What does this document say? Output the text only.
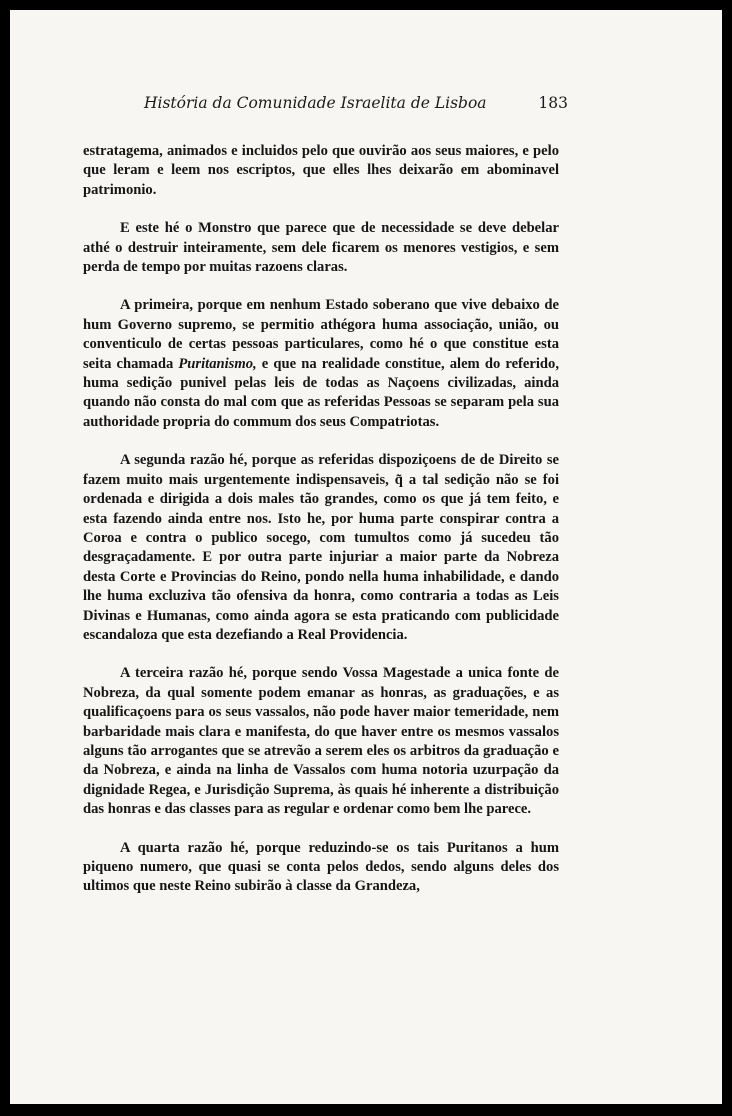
História da Comunidade Israelita de Lisboa	183

estratagema, animados e incluidos pelo que ouvirão aos seus maiores, e pelo que leram e leem nos escriptos, que elles lhes deixarão em abominavel patrimonio.

E este hé o Monstro que parece que de necessidade se deve debelar athé o destruir inteiramente, sem dele ficarem os menores vestigios, e sem perda de tempo por muitas razoens claras.

A primeira, porque em nenhum Estado soberano que vive debaixo de hum Governo supremo, se permitio athégora huma associação, união, ou conventiculo de certas pessoas particulares, como hé o que constitue esta seita chamada Puritanismo, e que na realidade constitue, alem do referido, huma sedição punivel pelas leis de todas as Naçoens civilizadas, ainda quando não consta do mal com que as referidas Pessoas se separam pela sua authoridade propria do commum dos seus Compatriotas.

A segunda razão hé, porque as referidas dispoziçoens de de Direito se fazem muito mais urgentemente indispensaveis, q̃ a tal sedição não se foi ordenada e dirigida a dois males tão grandes, como os que já tem feito, e esta fazendo ainda entre nos. Isto he, por huma parte conspirar contra a Coroa e contra o publico socego, com tumultos como já sucedeu tão desgraçadamente. E por outra parte injuriar a maior parte da Nobreza desta Corte e Provincias do Reino, pondo nella huma inhabilidade, e dando lhe huma excluziva tão ofensiva da honra, como contraria a todas as Leis Divinas e Humanas, como ainda agora se esta praticando com publicidade escandaloza que esta dezefiando a Real Providencia.

A terceira razão hé, porque sendo Vossa Magestade a unica fonte de Nobreza, da qual somente podem emanar as honras, as graduações, e as qualificaçoens para os seus vassalos, não pode haver maior temeridade, nem barbaridade mais clara e manifesta, do que haver entre os mesmos vassalos alguns tão arrogantes que se atrevão a serem eles os arbitros da graduação e da Nobreza, e ainda na linha de Vassalos com huma notoria uzurpação da dignidade Regea, e Jurisdição Suprema, às quais hé inherente a distribuição das honras e das classes para as regular e ordenar como bem lhe parece.

A quarta razão hé, porque reduzindo-se os tais Puritanos a hum piqueno numero, que quasi se conta pelos dedos, sendo alguns deles dos ultimos que neste Reino subirão à classe da Grandeza,
